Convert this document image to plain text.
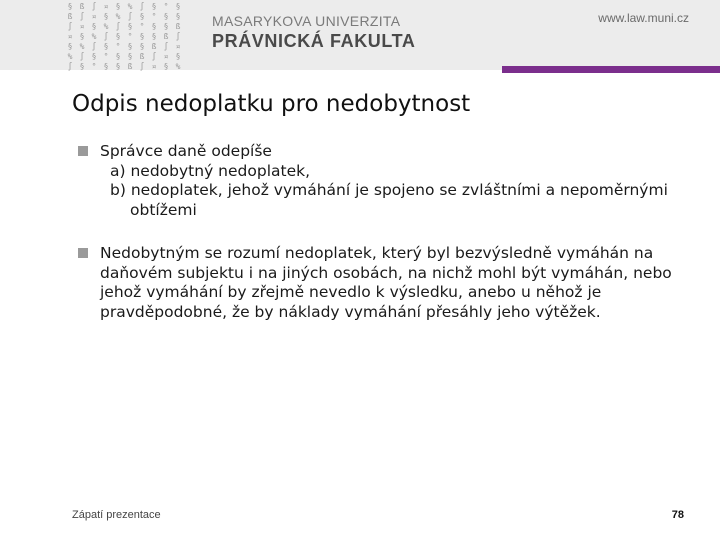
§ ß ∫ ¤ § % ∫ § ° §
ß ∫ ¤ § % ∫ § ° § §
∫ ¤ § % ∫ § ° § § ß
¤ § % ∫ § ° § § ß ∫
§ % ∫ § ° § § ß ∫ ¤
% ∫ § ° § § ß ∫ ¤ §
∫ § ° § § ß ∫ ¤ § %
MASARYKOVA UNIVERZITA
PRÁVNICKÁ FAKULTA
www.law.muni.cz
Odpis nedoplatku pro nedobytnost
Správce daně odepíše
a) nedobytný nedoplatek,
b) nedoplatek, jehož vymáhání je spojeno se zvláštními a nepoměrnými obtížemi
Nedobytným se rozumí nedoplatek, který byl bezvýsledně vymáhán na daňovém subjektu i na jiných osobách, na nichž mohl být vymáhán, nebo jehož vymáhání by zřejmě nevedlo k výsledku, anebo u něhož je pravděpodobné, že by náklady vymáhání přesáhly jeho výtěžek.
Zápatí prezentace	78
